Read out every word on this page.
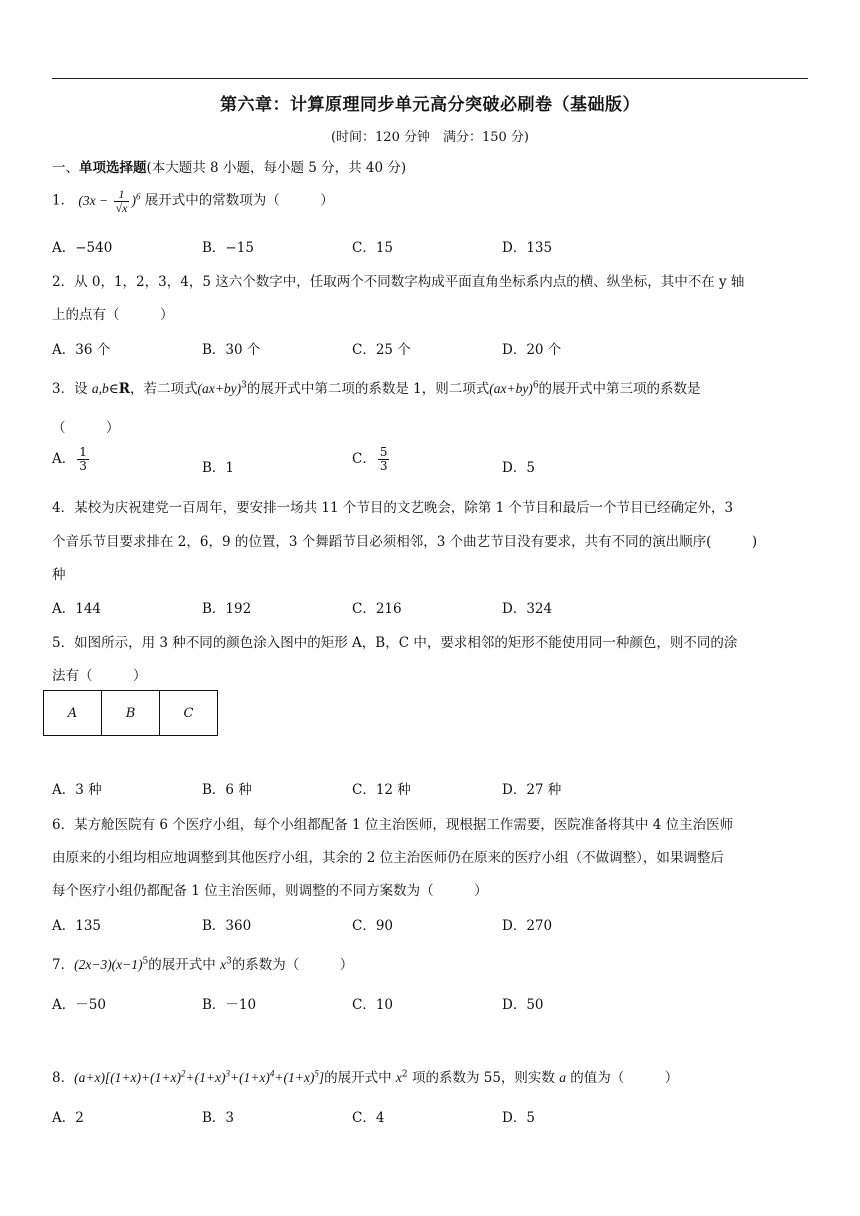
第六章：计算原理同步单元高分突破必刷卷（基础版）
(时间：120 分钟　满分：150 分)
一、单项选择题(本大题共 8 小题，每小题 5 分，共 40 分)
1． $(3x - \frac{1}{√x} )^6$ 展开式中的常数项为（　　　）
A．−540	B．−15	C．15	D．135
2．从 0，1，2，3，4，5 这六个数字中，任取两个不同数字构成平面直角坐标系内点的横、纵坐标，其中不在 y 轴
上的点有（　　　）
A．36 个	B．30 个	C．25 个	D．20 个
3．设 a,b∈R，若二项式$(ax+by)^3$的展开式中第二项的系数是 1，则二项式$(ax+by)^6$的展开式中第三项的系数是
（　　　）
A． $\frac{1}{3}$	B．1
C． $\frac{5}{3}$	D．5
4．某校为庆祝建党一百周年，要安排一场共 11 个节目的文艺晚会，除第 1 个节目和最后一个节目已经确定外，3
个音乐节目要求排在 2，6，9 的位置，3 个舞蹈节目必须相邻，3 个曲艺节目没有要求，共有不同的演出顺序(　　　)
种
A．144	B．192	C．216	D．324
5．如图所示，用 3 种不同的颜色涂入图中的矩形 A，B，C 中，要求相邻的矩形不能使用同一种颜色，则不同的涂
法有（　　　）
A	B	C
A．3 种	B．6 种	C．12 种	D．27 种
6．某方舱医院有 6 个医疗小组，每个小组都配备 1 位主治医师，现根据工作需要，医院准备将其中 4 位主治医师
由原来的小组均相应地调整到其他医疗小组，其余的 2 位主治医师仍在原来的医疗小组（不做调整），如果调整后
每个医疗小组仍都配备 1 位主治医师，则调整的不同方案数为（　　　）
A．135	B．360	C．90	D．270
7．$(2x-3)(x-1)^5$的展开式中 $x^3$的系数为（　　　）
A．－50	B．－10	C．10	D．50
8．$(a+x)[(1+x)+(1+x)^2+(1+x)^3+(1+x)^4+(1+x)^5]$的展开式中 $x^2$ 项的系数为 55，则实数 a 的值为（　　　）
A．2	B．3	C．4	D．5
